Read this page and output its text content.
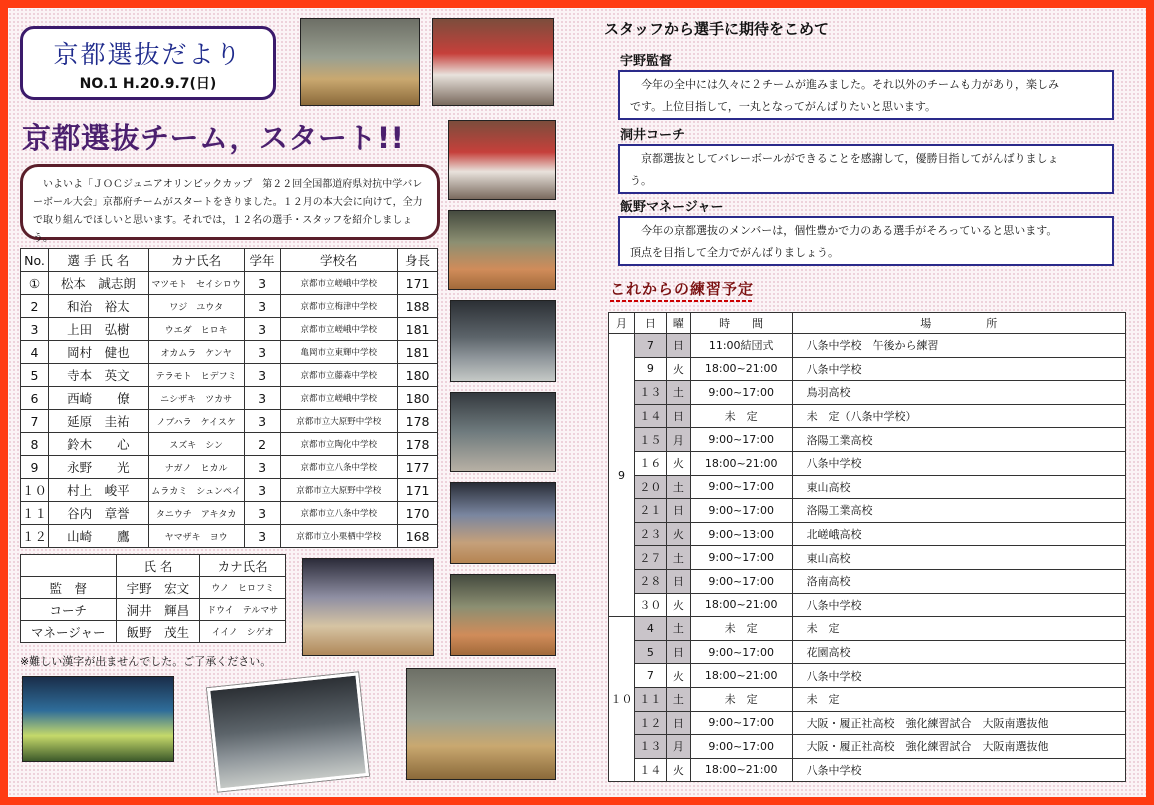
京都選抜だより
NO.1 H.20.9.7(日)
京都選抜チーム，スタート!!
　いよいよ「ＪＯＣジュニアオリンピックカップ　第２２回全国都道府県対抗中学バレーボール大会」京都府チームがスタートをきりました。１２月の本大会に向けて，全力で取り組んでほしいと思います。それでは，１２名の選手・スタッフを紹介しましょう。
No.	選 手 氏 名	カナ氏名	学年	学校名	身長
①	松本　誠志朗	マツモト　セイシロウ	3	京都市立嵯峨中学校	171
2	和治　裕太	ワジ　ユウタ	3	京都市立梅津中学校	188
3	上田　弘樹	ウエダ　ヒロキ	3	京都市立嵯峨中学校	181
4	岡村　健也	オカムラ　ケンヤ	3	亀岡市立東輝中学校	181
5	寺本　英文	テラモト　ヒデフミ	3	京都市立藤森中学校	180
6	西崎　　僚	ニシザキ　ツカサ	3	京都市立嵯峨中学校	180
7	延原　圭祐	ノブハラ　ケイスケ	3	京都市立大原野中学校	178
8	鈴木　　心	スズキ　シン	2	京都市立陶化中学校	178
9	永野　　光	ナガノ　ヒカル	3	京都市立八条中学校	177
１０	村上　峻平	ムラカミ　シュンペイ	3	京都市立大原野中学校	171
１１	谷内　章誉	タニウチ　アキタカ	3	京都市立八条中学校	170
１２	山崎　　鷹	ヤマザキ　ヨウ	3	京都市立小栗栖中学校	168
	氏 名	カナ氏名
監　督	宇野　宏文	ウノ　ヒロフミ
コーチ	洞井　輝昌	ドウイ　テルマサ
マネージャー	飯野　茂生	イイノ　シゲオ
※難しい漢字が出ませんでした。ご了承ください。
スタッフから選手に期待をこめて
宇野監督
　今年の全中には久々に２チームが進みました。それ以外のチームも力があり，楽しみ
です。上位目指して，一丸となってがんばりたいと思います。
洞井コーチ
　京都選抜としてバレーボールができることを感謝して，優勝目指してがんばりましょ
う。
飯野マネージャー
　今年の京都選抜のメンバーは，個性豊かで力のある選手がそろっていると思います。
頂点を目指して全力でがんばりましょう。
これからの練習予定
月	日	曜	時　　間	場　　　　　所
9	7	日	11:00結団式	八条中学校　午後から練習
	9	火	18:00~21:00	八条中学校
	１３	土	9:00~17:00	鳥羽高校
	１４	日	未　定	未　定（八条中学校）
	１５	月	9:00~17:00	洛陽工業高校
	１６	火	18:00~21:00	八条中学校
	２０	土	9:00~17:00	東山高校
	２１	日	9:00~17:00	洛陽工業高校
	２３	火	9:00~13:00	北嵯峨高校
	２７	土	9:00~17:00	東山高校
	２８	日	9:00~17:00	洛南高校
	３０	火	18:00~21:00	八条中学校
１０	4	土	未　定	未　定
	5	日	9:00~17:00	花園高校
	7	火	18:00~21:00	八条中学校
	１１	土	未　定	未　定
	１２	日	9:00~17:00	大阪・履正社高校　強化練習試合　大阪南選抜他
	１３	月	9:00~17:00	大阪・履正社高校　強化練習試合　大阪南選抜他
	１４	火	18:00~21:00	八条中学校
